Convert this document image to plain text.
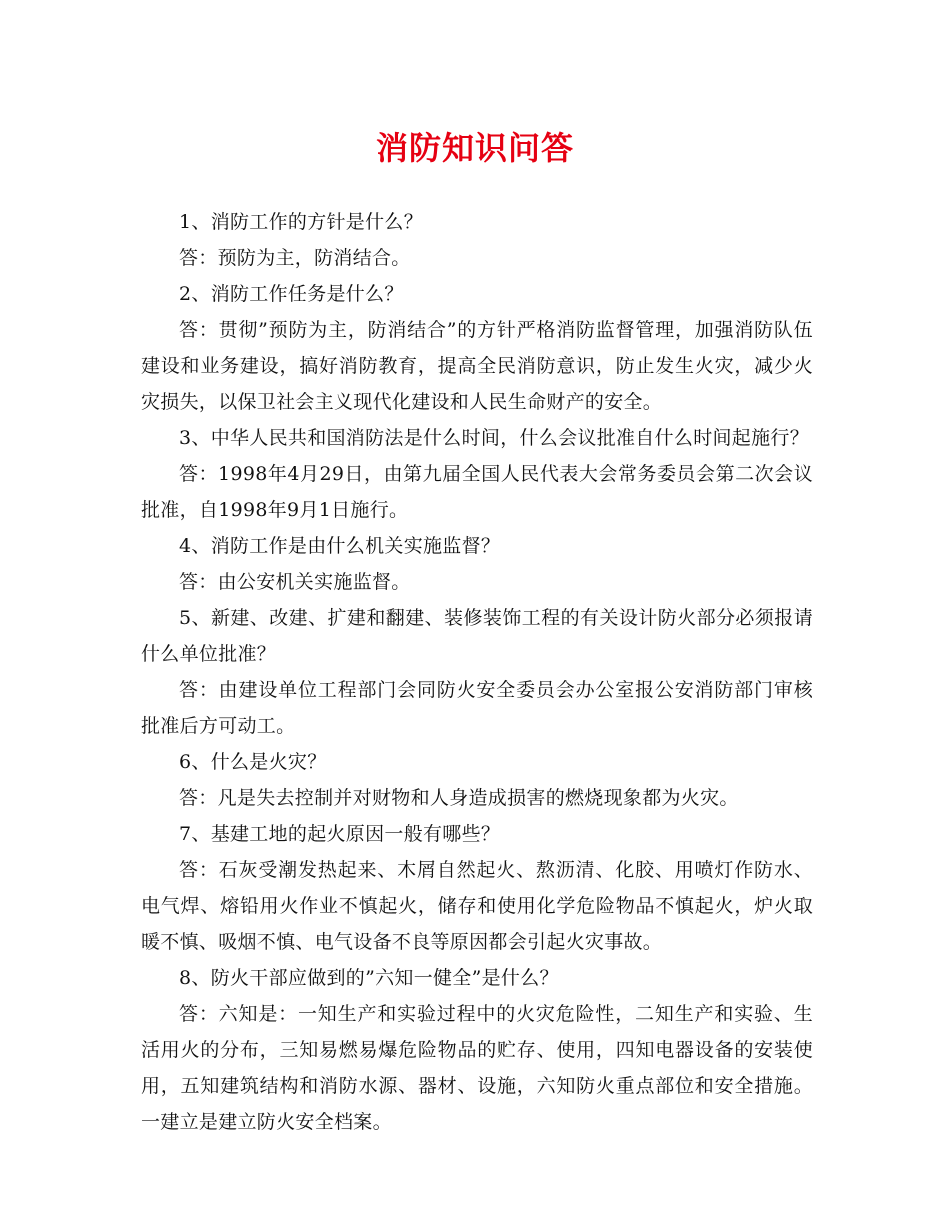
消防知识问答

1、消防工作的方针是什么？

答：预防为主，防消结合。

2、消防工作任务是什么？

答：贯彻”预防为主，防消结合”的方针严格消防监督管理，加强消防队伍建设和业务建设，搞好消防教育，提高全民消防意识，防止发生火灾，减少火灾损失，以保卫社会主义现代化建设和人民生命财产的安全。

3、中华人民共和国消防法是什么时间，什么会议批准自什么时间起施行？

答：1998年4月29日，由第九届全国人民代表大会常务委员会第二次会议批准，自1998年9月1日施行。

4、消防工作是由什么机关实施监督？

答：由公安机关实施监督。

5、新建、改建、扩建和翻建、装修装饰工程的有关设计防火部分必须报请什么单位批准？

答：由建设单位工程部门会同防火安全委员会办公室报公安消防部门审核批准后方可动工。

6、什么是火灾？

答：凡是失去控制并对财物和人身造成损害的燃烧现象都为火灾。

7、基建工地的起火原因一般有哪些？

答：石灰受潮发热起来、木屑自然起火、熬沥清、化胶、用喷灯作防水、电气焊、熔铅用火作业不慎起火，储存和使用化学危险物品不慎起火，炉火取暖不慎、吸烟不慎、电气设备不良等原因都会引起火灾事故。

8、防火干部应做到的”六知一健全”是什么？

答：六知是：一知生产和实验过程中的火灾危险性，二知生产和实验、生活用火的分布，三知易燃易爆危险物品的贮存、使用，四知电器设备的安装使用，五知建筑结构和消防水源、器材、设施，六知防火重点部位和安全措施。一建立是建立防火安全档案。
